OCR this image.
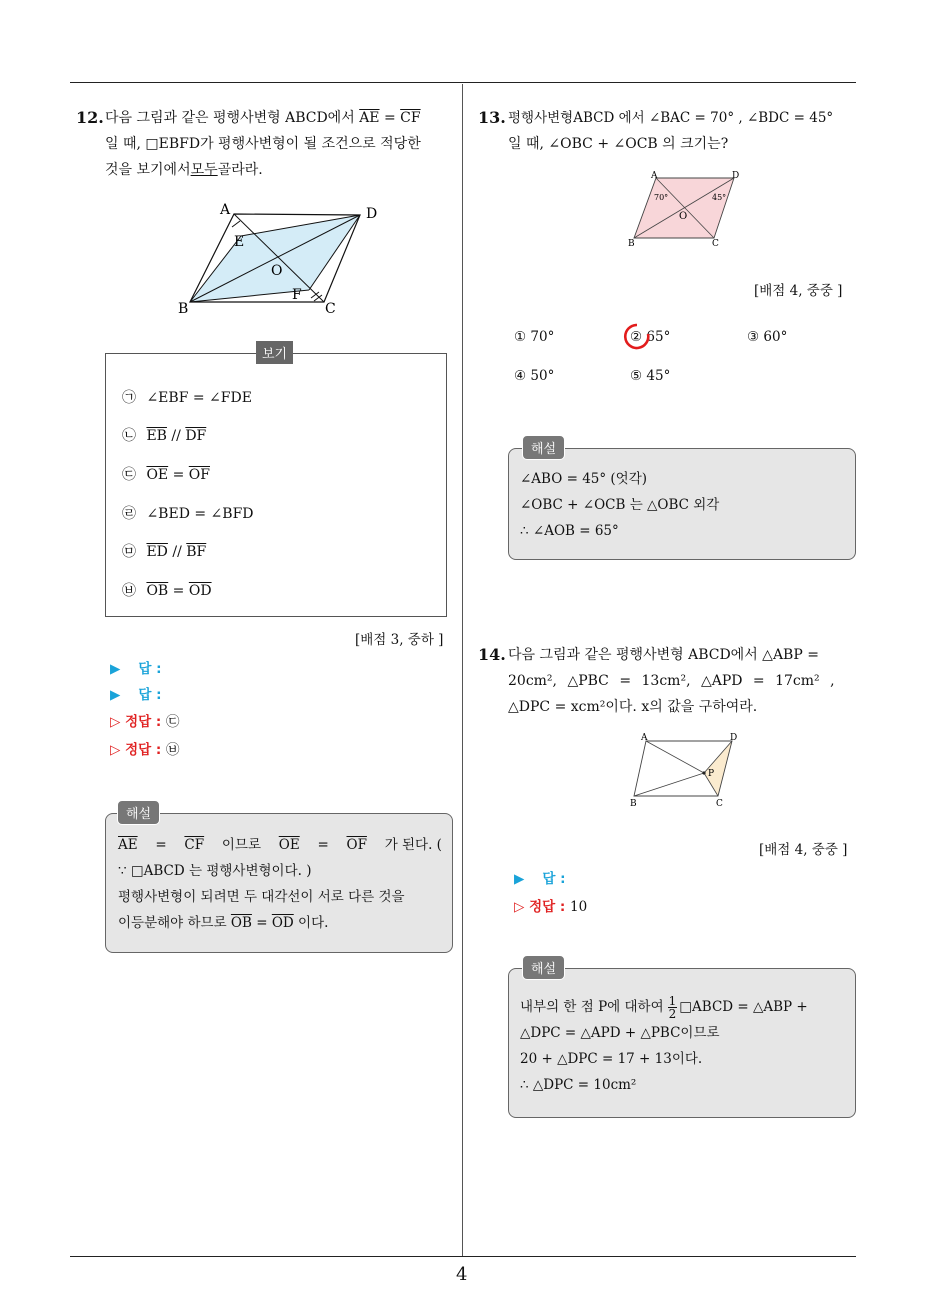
12. 다음 그림과 같은 평행사변형 ABCD에서 $\overline{AE} = \overline{CF}$
일 때, □EBFD가 평행사변형이 될 조건으로 적당한
것을 보기에서모두골라라.
A	D
E
O
F
B	C
보기
㉠ ∠EBF = ∠FDE
㉡ $\overline{EB} // \overline{DF}$
㉢ $\overline{OE} = \overline{OF}$
㉣ ∠BED = ∠BFD
㉤ $\overline{ED} // \overline{BF}$
㉥ $\overline{OB} = \overline{OD}$
[배점 3, 중하 ]
▶ 답 :
▶ 답 :
▷ 정답 : ㉢
▷ 정답 : ㉥
해설
$\overline{AE} = \overline{CF}$ 이므로 $\overline{OE} = \overline{OF}$ 가 된다. (
∵ □ABCD 는 평행사변형이다. )
평행사변형이 되려면 두 대각선이 서로 다른 것을
이등분해야 하므로 $\overline{OB} = \overline{OD}$ 이다.
13. 평행사변형ABCD 에서 ∠BAC = 70° , ∠BDC = 45°
일 때, ∠OBC + ∠OCB 의 크기는?
A	D
B	C
O
70°	45°
[배점 4, 중중 ]
① 70°	② 65°	③ 60°
④ 50°	⑤ 45°
해설
∠ABO = 45° (엇각)
∠OBC + ∠OCB 는 △OBC 외각
∴ ∠AOB = 65°
14. 다음 그림과 같은 평행사변형 ABCD에서 △ABP =
20cm², △PBC = 13cm², △APD = 17cm² ,
△DPC = xcm²이다. x의 값을 구하여라.
A	D
B	C
P
[배점 4, 중중 ]
▶ 답 :
▷ 정답 : 10
해설
내부의 한 점 P에 대하여 $\frac{1}{2}$ □ABCD = △ABP +
△DPC = △APD + △PBC이므로
20 + △DPC = 17 + 13이다.
∴ △DPC = 10cm²
4
